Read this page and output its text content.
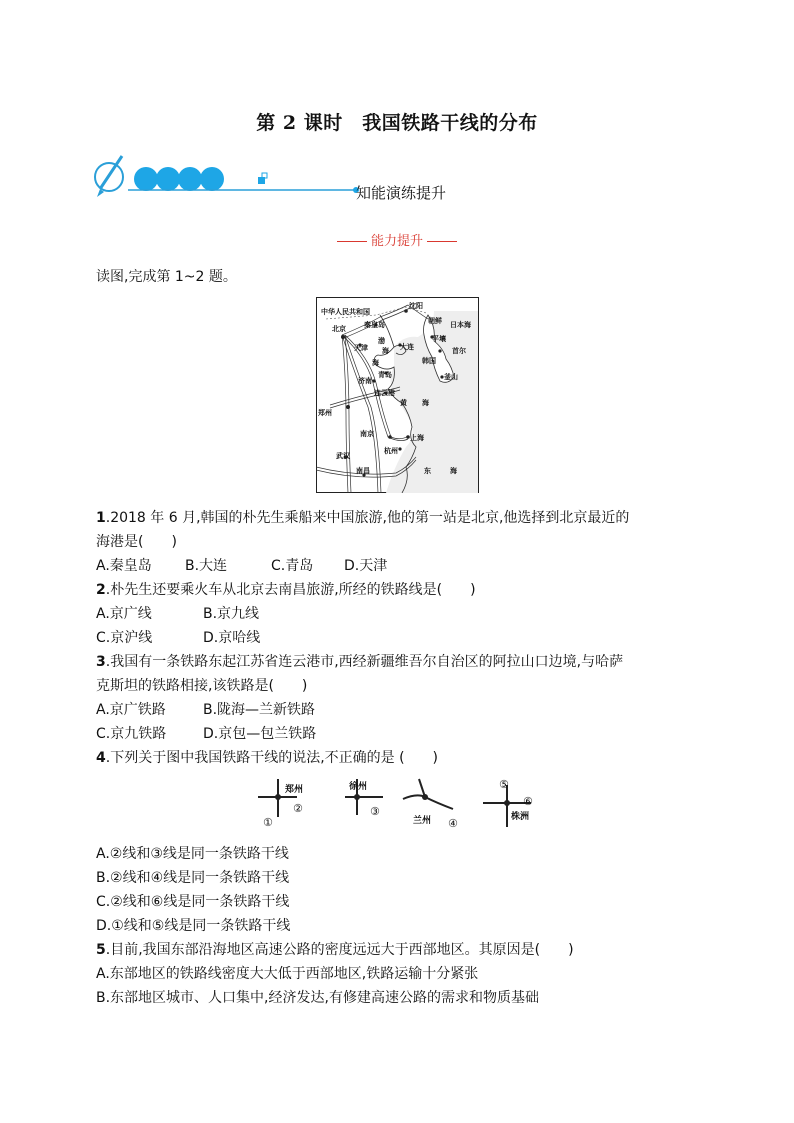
第 2 课时　我国铁路干线的分布
知能演练提升
能力提升
读图,完成第 1~2 题。
中华人民共和国
沈阳
朝鲜 日本海
北京	秦皇岛
天津
渤
海 大连
平壤
首尔
韩国
釜山
海
青岛
济南
连云港
黄 海
郑州
南京	上海
杭州
武汉
南昌	东	海
1.2018 年 6 月,韩国的朴先生乘船来中国旅游,他的第一站是北京,他选择到北京最近的
海港是(　　)
A.秦皇岛 B.大连	C.青岛 D.天津
2.朴先生还要乘火车从北京去南昌旅游,所经的铁路线是(　　)
A.京广线	B.京九线
C.京沪线	D.京哈线
3.我国有一条铁路东起江苏省连云港市,西经新疆维吾尔自治区的阿拉山口边境,与哈萨
克斯坦的铁路相接,该铁路是(　　)
A.京广铁路	B.陇海—兰新铁路
C.京九铁路	D.京包—包兰铁路
4.下列关于图中我国铁路干线的说法,不正确的是 (　　)
郑州	徐州
兰州	株洲
①
②	③
④
⑤
⑥
A.②线和③线是同一条铁路干线
B.②线和④线是同一条铁路干线
C.②线和⑥线是同一条铁路干线
D.①线和⑤线是同一条铁路干线
5.目前,我国东部沿海地区高速公路的密度远远大于西部地区。其原因是(　　)
A.东部地区的铁路线密度大大低于西部地区,铁路运输十分紧张
B.东部地区城市、人口集中,经济发达,有修建高速公路的需求和物质基础
